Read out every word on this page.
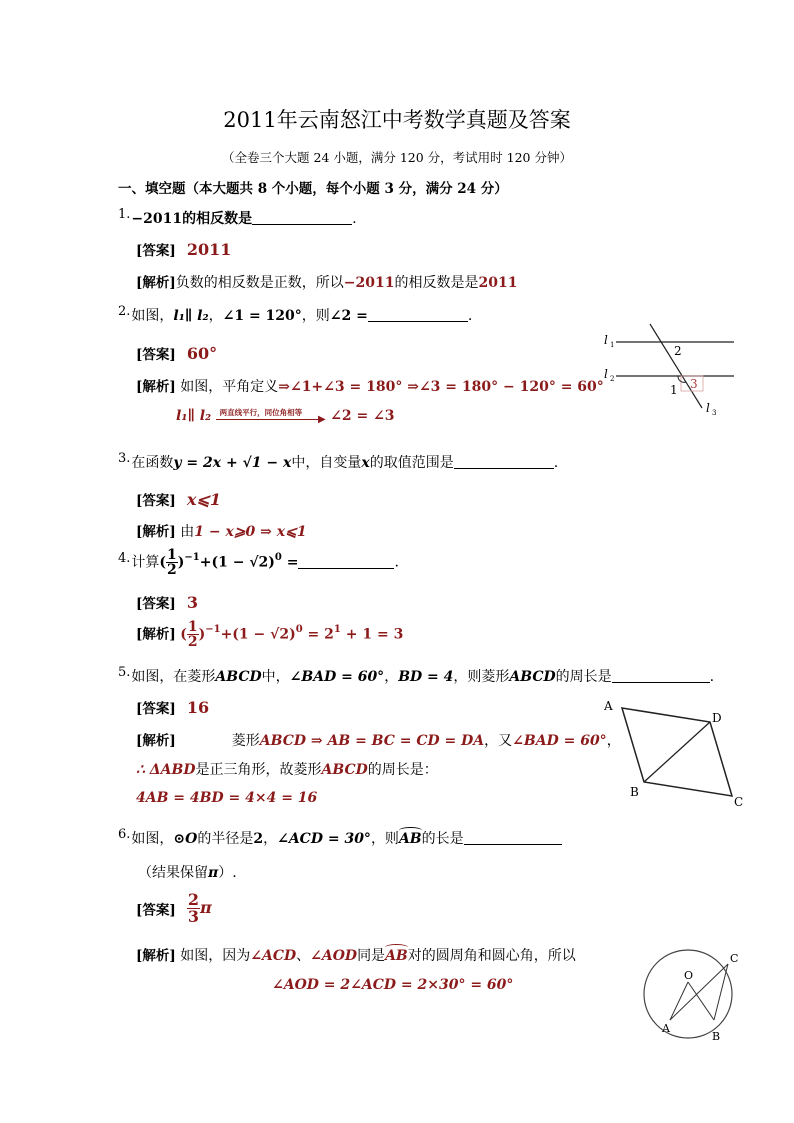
2011年云南怒江中考数学真题及答案
（全卷三个大题 24 小题，满分 120 分，考试用时 120 分钟）
一、填空题（本大题共 8 个小题，每个小题 3 分，满分 24 分）
1.−2011的相反数是	.
[答案] 2011
[解析]负数的相反数是正数，所以−2011的相反数是是2011
2.如图，l₁∥ l₂，∠1 = 120°，则∠2 =	.
[答案] 60°
[解析] 如图，平角定义⇒∠1+∠3 = 180° ⇒∠3 = 180° − 120° = 60°
l₁∥ l₂ 两直线平行，同位角相等
▶ ∠2 = ∠3
l 1
l 2
l 3
2
1 3
3.在函数y = 2x + √1 − x中，自变量x的取值范围是	.
[答案] x⩽1
[解析] 由1 − x⩾0 ⇒ x⩽1
4.计算( $\frac{1}{2} )^{-1}+(1 - √2)^0$ =	.
[答案] 3
[解析] ( $\frac{1}{2} )^{-1}+(1 - √2)^0 = 2^1 + 1 = 3$
5.如图，在菱形ABCD中，∠BAD = 60°，BD = 4，则菱形ABCD的周长是	.
[答案] 16
[解析]	菱形ABCD ⇒ AB = BC = CD = DA，又∠BAD = 60°，
∴ ΔABD是正三角形，故菱形ABCD的周长是：
4AB = 4BD = 4×4 = 16
A
D
B
C
6.如图，⊙O的半径是2，∠ACD = 30°，则AB的长是
（结果保留π）.
[答案] $\frac{2}{3}$ π
[解析] 如图，因为∠ACD、∠AOD同是AB对的圆周角和圆心角，所以
∠AOD = 2∠ACD = 2×30° = 60°
O
A
B
C
